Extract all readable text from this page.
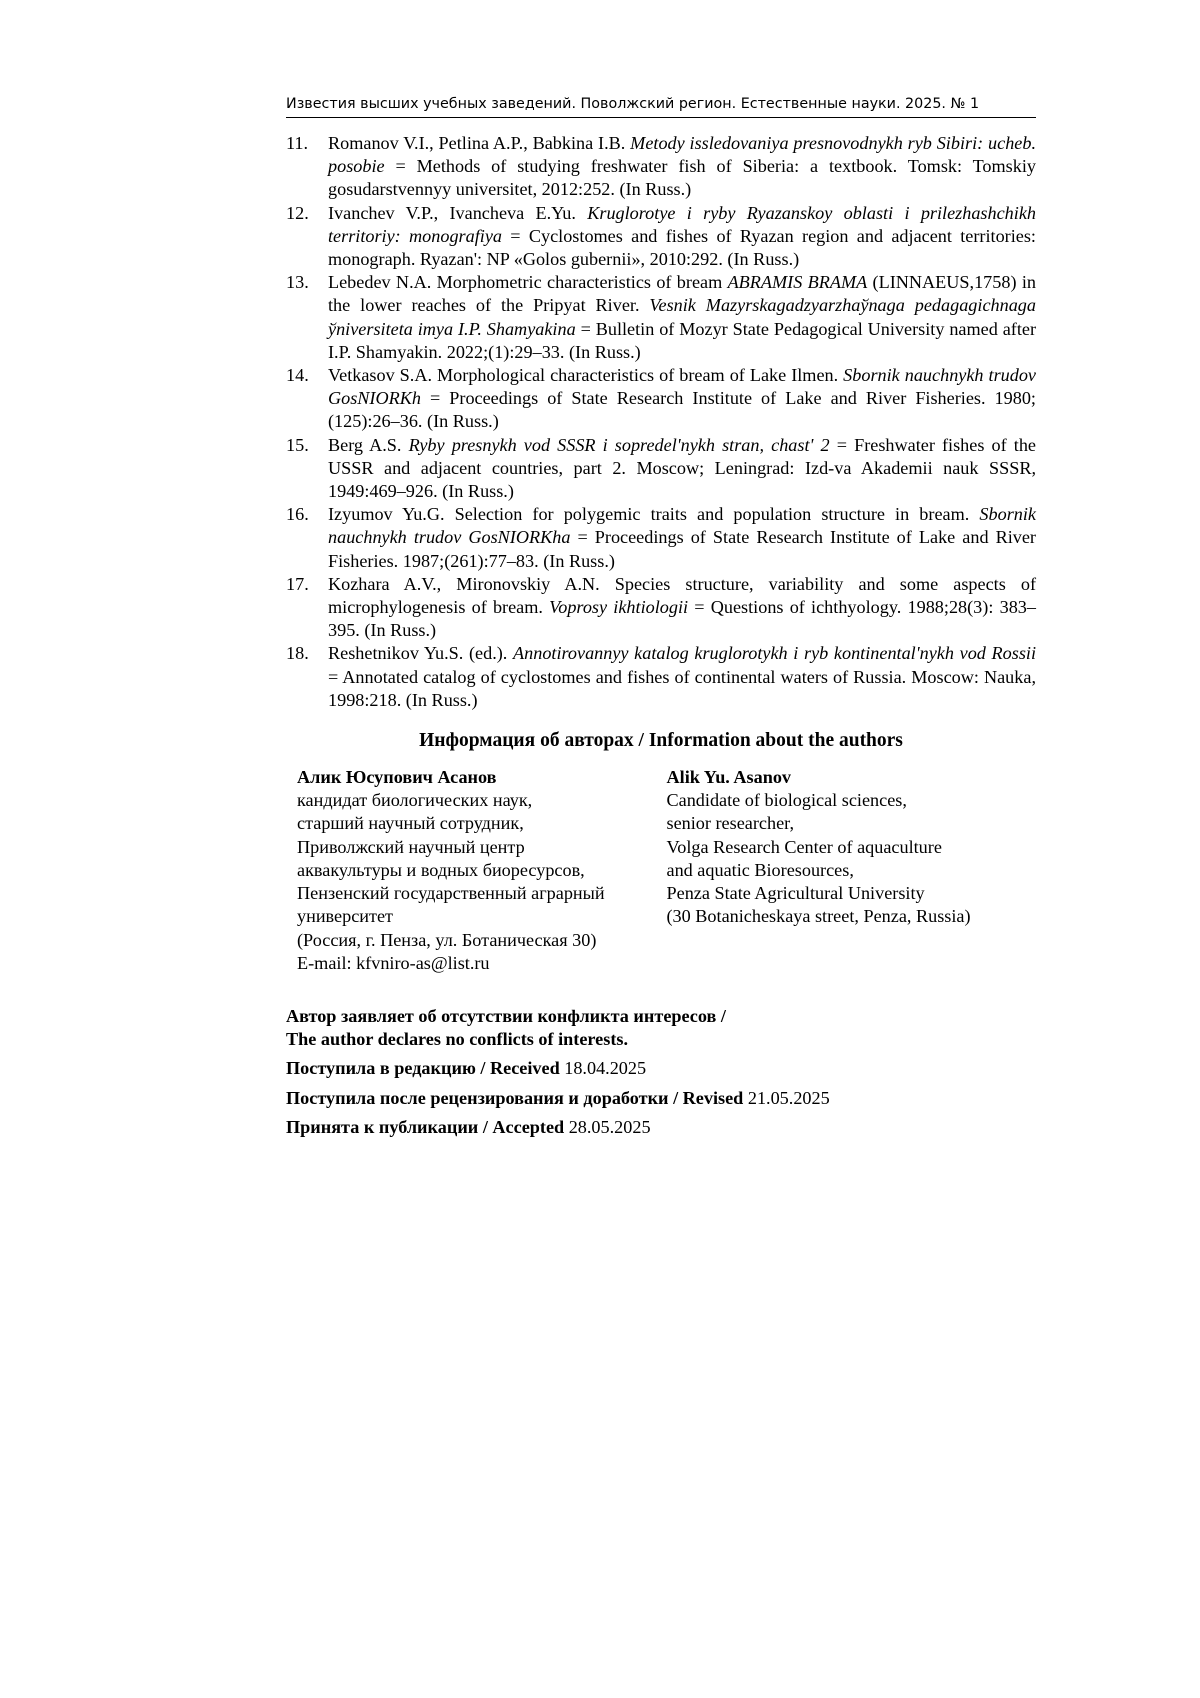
Известия высших учебных заведений. Поволжский регион. Естественные науки. 2025. № 1
11.	Romanov V.I., Petlina A.P., Babkina I.B. Metody issledovaniya presnovodnykh ryb Sibiri: ucheb. posobie = Methods of studying freshwater fish of Siberia: a textbook. Tomsk: Tomskiy gosudarstvennyy universitet, 2012:252. (In Russ.)
12.	Ivanchev V.P., Ivancheva E.Yu. Kruglorotye i ryby Ryazanskoy oblasti i prilezhashchikh territoriy: monografiya = Cyclostomes and fishes of Ryazan region and adjacent territories: monograph. Ryazan': NP «Golos gubernii», 2010:292. (In Russ.)
13.	Lebedev N.A. Morphometric characteristics of bream ABRAMIS BRAMA (LINNAEUS,1758) in the lower reaches of the Pripyat River. Vesnik Mazyrskagadzyarzhaўnaga pedagagichnaga ўniversiteta imya I.P. Shamyakina = Bulletin of Mozyr State Pedagogical University named after I.P. Shamyakin. 2022;(1):29–33. (In Russ.)
14.	Vetkasov S.A. Morphological characteristics of bream of Lake Ilmen. Sbornik nauchnykh trudov GosNIORKh = Proceedings of State Research Institute of Lake and River Fisheries. 1980;(125):26–36. (In Russ.)
15.	Berg A.S. Ryby presnykh vod SSSR i sopredel'nykh stran, chast' 2 = Freshwater fishes of the USSR and adjacent countries, part 2. Moscow; Leningrad: Izd-va Akademii nauk SSSR, 1949:469–926. (In Russ.)
16.	Izyumov Yu.G. Selection for polygemic traits and population structure in bream. Sbornik nauchnykh trudov GosNIORKha = Proceedings of State Research Institute of Lake and River Fisheries. 1987;(261):77–83. (In Russ.)
17.	Kozhara A.V., Mironovskiy A.N. Species structure, variability and some aspects of microphylogenesis of bream. Voprosy ikhtiologii = Questions of ichthyology. 1988;28(3): 383–395. (In Russ.)
18.	Reshetnikov Yu.S. (ed.). Annotirovannyy katalog kruglorotykh i ryb kontinental'nykh vod Rossii = Annotated catalog of cyclostomes and fishes of continental waters of Russia. Moscow: Nauka, 1998:218. (In Russ.)
Информация об авторах / Information about the authors
Алик Юсупович Асанов
кандидат биологических наук,
старший научный сотрудник,
Приволжский научный центр
аквакультуры и водных биоресурсов,
Пензенский государственный аграрный
университет
(Россия, г. Пенза, ул. Ботаническая 30)
E-mail: kfvniro-as@list.ru
Alik Yu. Asanov
Candidate of biological sciences,
senior researcher,
Volga Research Center of aquaculture
and aquatic Bioresources,
Penza State Agricultural University
(30 Botanicheskaya street, Penza, Russia)
Автор заявляет об отсутствии конфликта интересов /
The author declares no conflicts of interests.
Поступила в редакцию / Received 18.04.2025
Поступила после рецензирования и доработки / Revised 21.05.2025
Принята к публикации / Accepted 28.05.2025
